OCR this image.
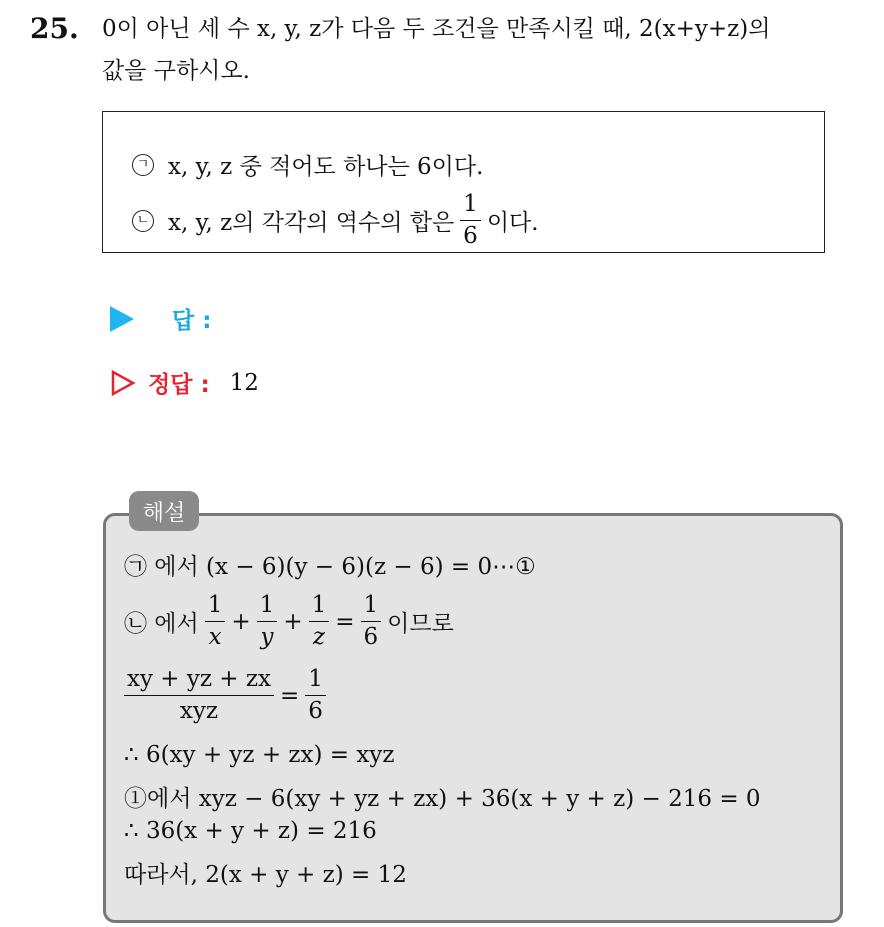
25. 0이 아닌 세 수 x, y, z가 다음 두 조건을 만족시킬 때, 2(x+y+z)의
값을 구하시오.
ㄱ x, y, z 중 적어도 하나는 6이다.
ㄴ x, y, z의 각각의 역수의 합은 $\frac{1}{6}$ 이다.
답 :
정답 : 12
해설
㉠ 에서 (x − 6)(y − 6)(z − 6) = 0⋯①
㉡ 에서 $\frac{1}{x} + \frac{1}{y} + \frac{1}{z} = \frac{1}{6}$ 이므로
$\frac{xy + yz + zx}{\text{xyz}} = \frac{1}{6}$
∴ 6(xy + yz + zx) = xyz
①에서 xyz − 6(xy + yz + zx) + 36(x + y + z) − 216 = 0
∴ 36(x + y + z) = 216
따라서, 2(x + y + z) = 12
